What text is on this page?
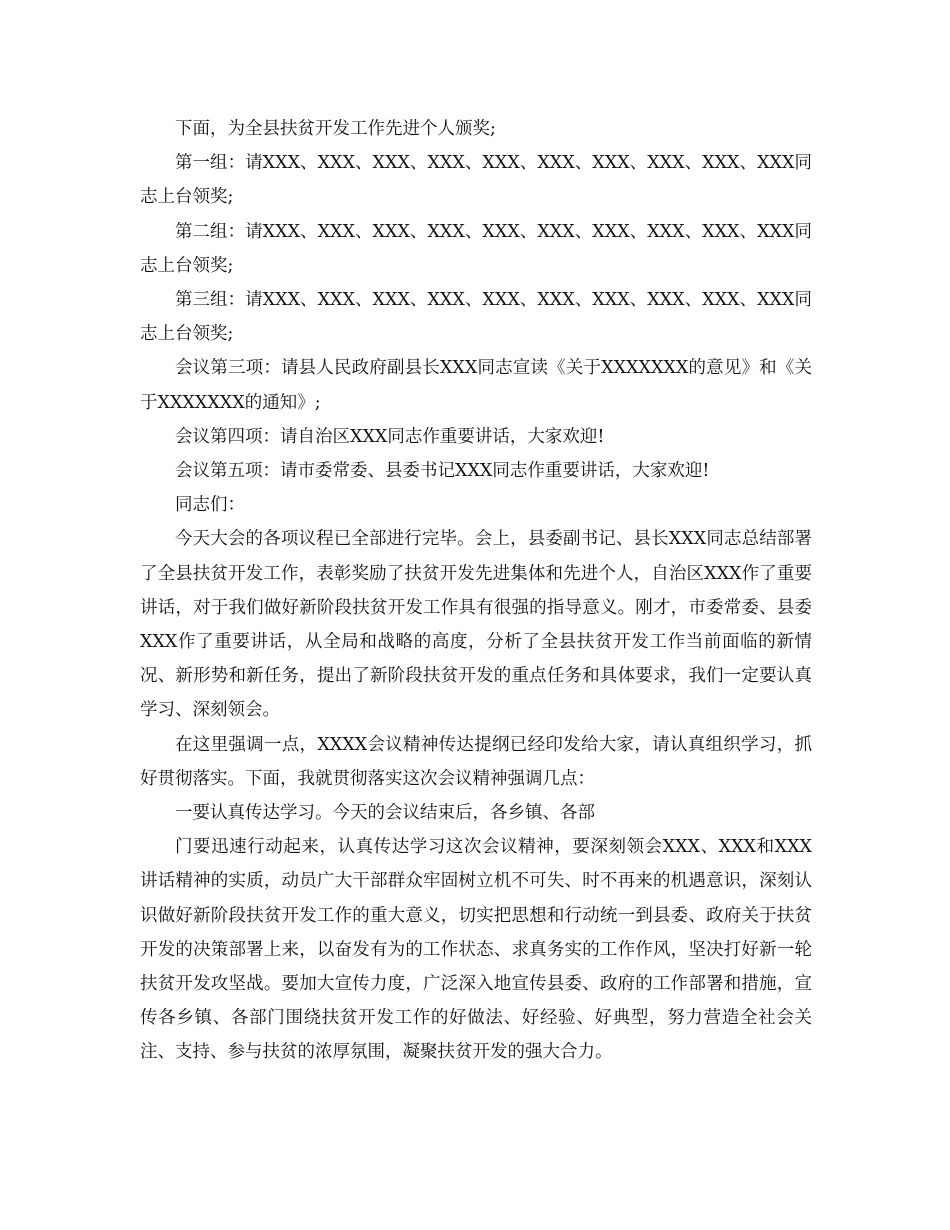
下面，为全县扶贫开发工作先进个人颁奖;

第一组：请XXX、XXX、XXX、XXX、XXX、XXX、XXX、XXX、XXX、XXX同志上台领奖;

第二组：请XXX、XXX、XXX、XXX、XXX、XXX、XXX、XXX、XXX、XXX同志上台领奖;

第三组：请XXX、XXX、XXX、XXX、XXX、XXX、XXX、XXX、XXX、XXX同志上台领奖;

会议第三项：请县人民政府副县长XXX同志宣读《关于XXXXXXX的意见》和《关于XXXXXXX的通知》;

会议第四项：请自治区XXX同志作重要讲话，大家欢迎!

会议第五项：请市委常委、县委书记XXX同志作重要讲话，大家欢迎!

同志们：

今天大会的各项议程已全部进行完毕。会上，县委副书记、县长XXX同志总结部署了全县扶贫开发工作，表彰奖励了扶贫开发先进集体和先进个人，自治区XXX作了重要讲话，对于我们做好新阶段扶贫开发工作具有很强的指导意义。刚才，市委常委、县委XXX作了重要讲话，从全局和战略的高度，分析了全县扶贫开发工作当前面临的新情况、新形势和新任务，提出了新阶段扶贫开发的重点任务和具体要求，我们一定要认真学习、深刻领会。

在这里强调一点，XXXX会议精神传达提纲已经印发给大家，请认真组织学习，抓好贯彻落实。下面，我就贯彻落实这次会议精神强调几点：

一要认真传达学习。今天的会议结束后，各乡镇、各部

门要迅速行动起来，认真传达学习这次会议精神，要深刻领会XXX、XXX和XXX讲话精神的实质，动员广大干部群众牢固树立机不可失、时不再来的机遇意识，深刻认识做好新阶段扶贫开发工作的重大意义，切实把思想和行动统一到县委、政府关于扶贫开发的决策部署上来，以奋发有为的工作状态、求真务实的工作作风，坚决打好新一轮扶贫开发攻坚战。要加大宣传力度，广泛深入地宣传县委、政府的工作部署和措施，宣传各乡镇、各部门围绕扶贫开发工作的好做法、好经验、好典型，努力营造全社会关注、支持、参与扶贫的浓厚氛围，凝聚扶贫开发的强大合力。
